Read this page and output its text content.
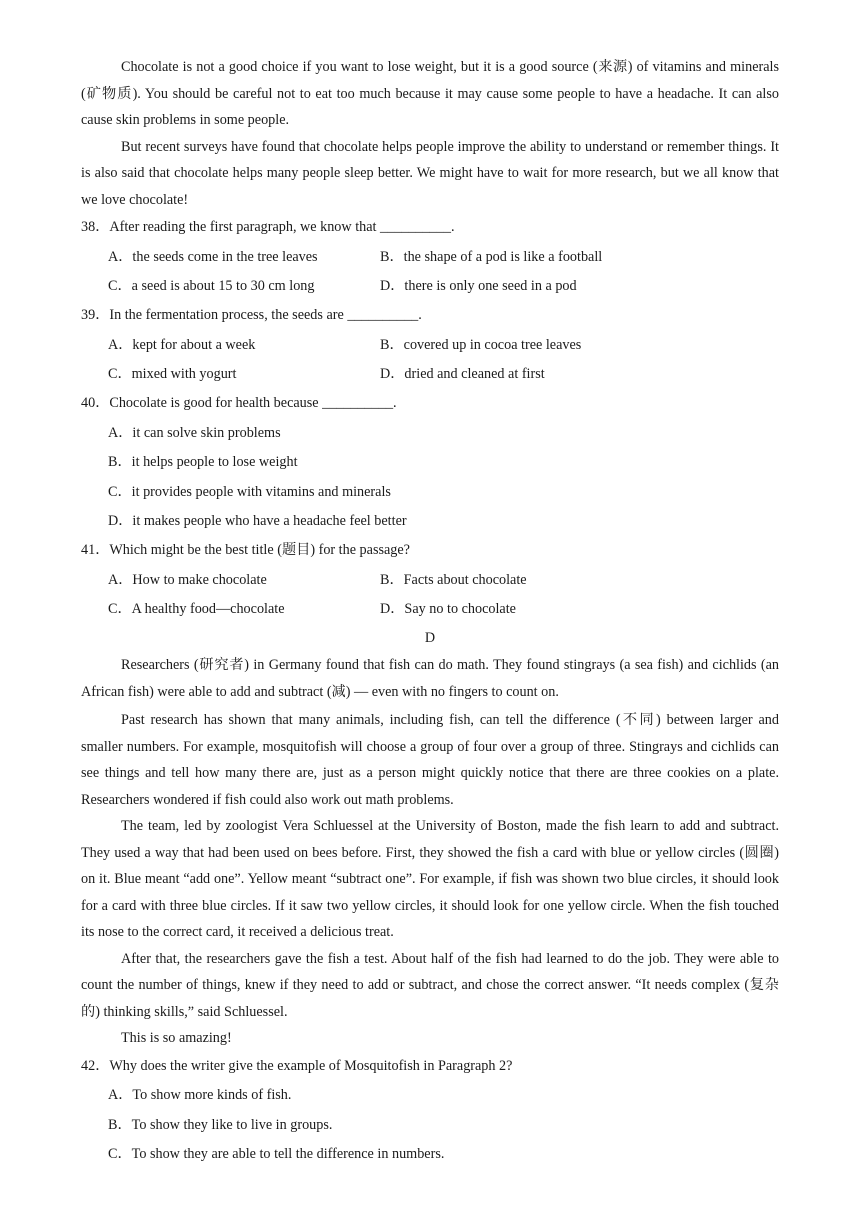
Chocolate is not a good choice if you want to lose weight, but it is a good source (来源) of vitamins and minerals (矿物质). You should be careful not to eat too much because it may cause some people to have a headache. It can also cause skin problems in some people.

But recent surveys have found that chocolate helps people improve the ability to understand or remember things. It is also said that chocolate helps many people sleep better. We might have to wait for more research, but we all know that we love chocolate!

38．After reading the first paragraph, we know that __________.
A．the seeds come in the tree leaves	B．the shape of a pod is like a football
C．a seed is about 15 to 30 cm long	D．there is only one seed in a pod
39．In the fermentation process, the seeds are __________.
A．kept for about a week	B．covered up in cocoa tree leaves
C．mixed with yogurt	D．dried and cleaned at first
40．Chocolate is good for health because __________.
A．it can solve skin problems
B．it helps people to lose weight
C．it provides people with vitamins and minerals
D．it makes people who have a headache feel better
41．Which might be the best title (题目) for the passage?
A．How to make chocolate	B．Facts about chocolate
C．A healthy food—chocolate	D．Say no to chocolate
D

Researchers (研究者) in Germany found that fish can do math. They found stingrays (a sea fish) and cichlids (an African fish) were able to add and subtract (减) — even with no fingers to count on.

Past research has shown that many animals, including fish, can tell the difference (不同) between larger and smaller numbers. For example, mosquitofish will choose a group of four over a group of three. Stingrays and cichlids can see things and tell how many there are, just as a person might quickly notice that there are three cookies on a plate. Researchers wondered if fish could also work out math problems.

The team, led by zoologist Vera Schluessel at the University of Boston, made the fish learn to add and subtract. They used a way that had been used on bees before. First, they showed the fish a card with blue or yellow circles (圆圈) on it. Blue meant “add one”. Yellow meant “subtract one”. For example, if fish was shown two blue circles, it should look for a card with three blue circles. If it saw two yellow circles, it should look for one yellow circle. When the fish touched its nose to the correct card, it received a delicious treat.

After that, the researchers gave the fish a test. About half of the fish had learned to do the job. They were able to count the number of things, knew if they need to add or subtract, and chose the correct answer. “It needs complex (复杂的) thinking skills,” said Schluessel.

This is so amazing!

42．Why does the writer give the example of Mosquitofish in Paragraph 2?
A．To show more kinds of fish.
B．To show they like to live in groups.
C．To show they are able to tell the difference in numbers.
